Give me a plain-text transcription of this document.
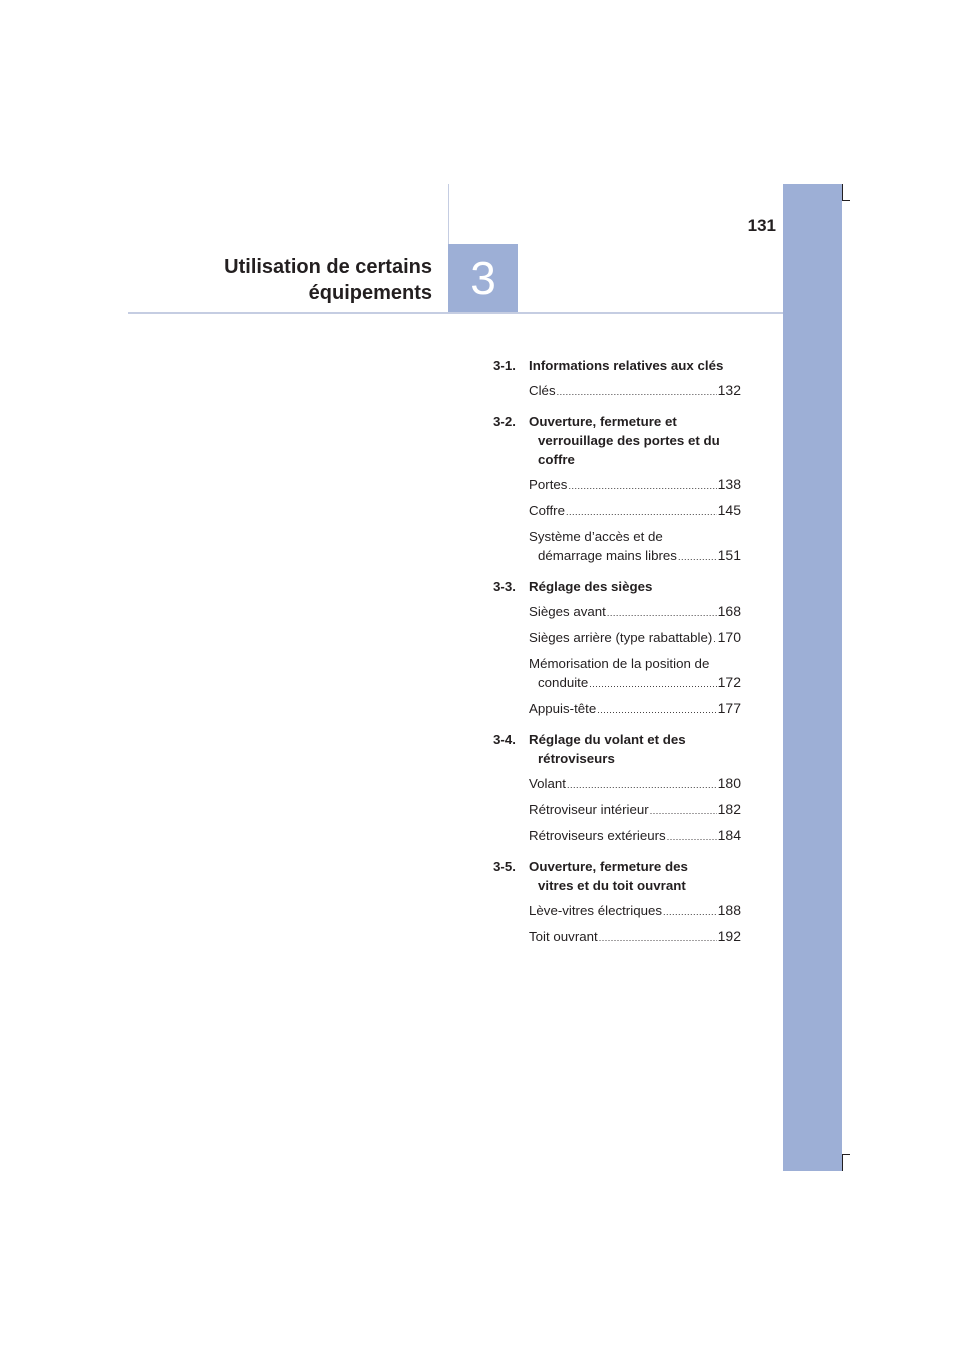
131
Utilisation de certains
équipements 3
3-1. Informations relatives aux clés
Clés .....	132
3-2. Ouverture, fermeture et
verrouillage des portes et du
coffre
Portes .....	138
Coffre .....	145
Système d’accès et de
démarrage mains libres .....	151
3-3. Réglage des sièges
Sièges avant .....	168
Sièges arrière (type rabattable) ..... 170
Mémorisation de la position de
conduite .....	172
Appuis-tête .....	177
3-4. Réglage du volant et des
rétroviseurs
Volant .....	180
Rétroviseur intérieur .....	182
Rétroviseurs extérieurs .....	184
3-5. Ouverture, fermeture des
vitres et du toit ouvrant
Lève-vitres électriques .....	188
Toit ouvrant .....	192
